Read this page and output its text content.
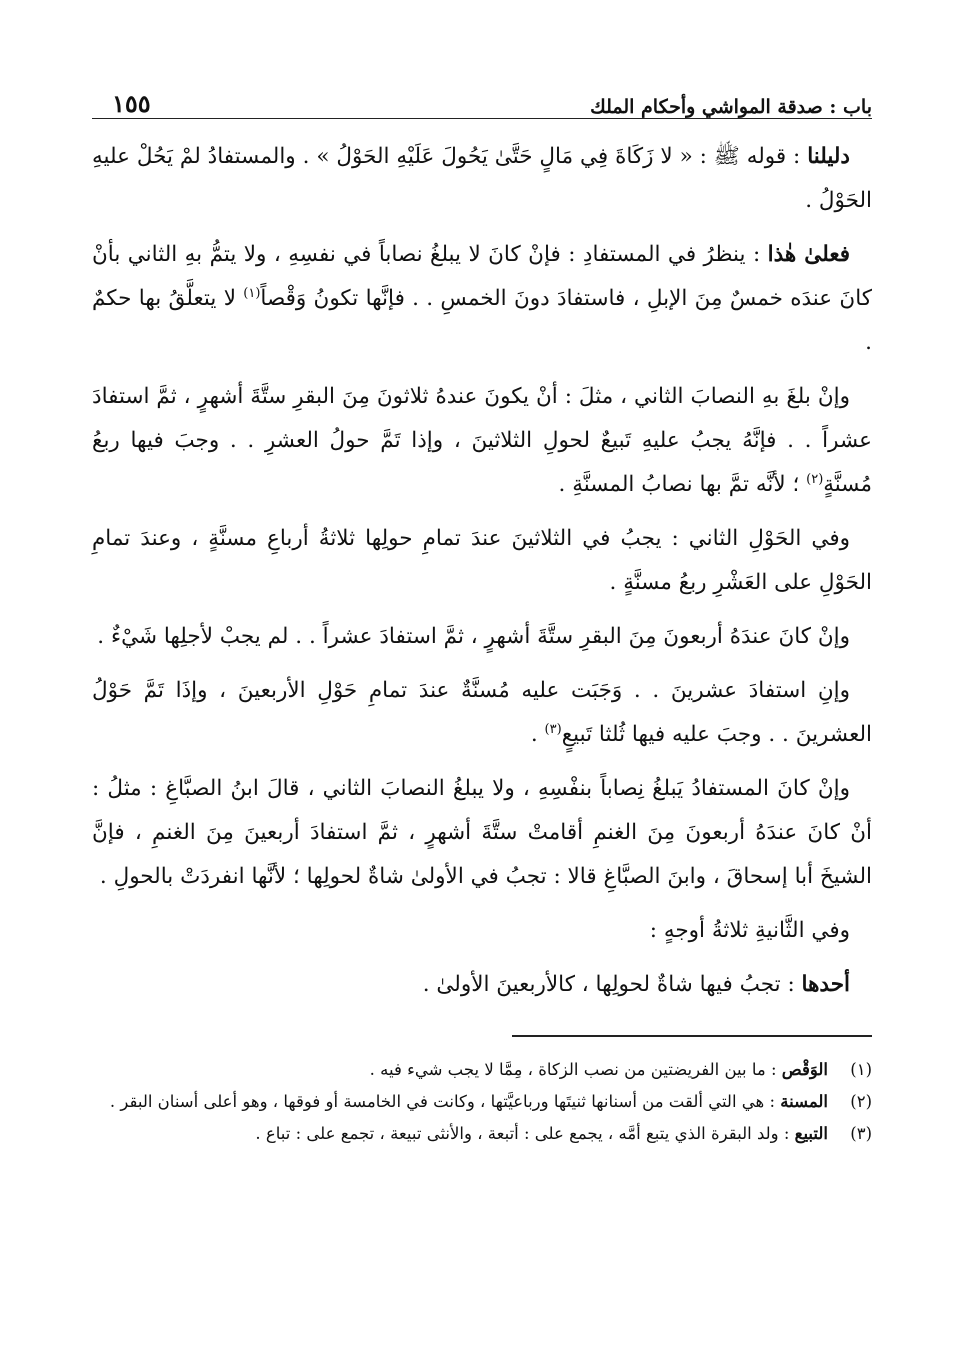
باب : صدقة المواشي وأحكام الملك
١٥٥

دليلنا : قوله ﷺ : « لا زَكَاةَ فِي مَالٍ حَتَّىٰ يَحُولَ عَلَيْهِ الحَوْلُ » . والمستفادُ لمْ يَحُلْ عليهِ الحَوْلُ .

فعلىٰ هٰذا : ينظرُ في المستفادِ : فإنْ كانَ لا يبلغُ نصاباً في نفسِهِ ، ولا يتمُّ بهِ الثاني بأنْ كانَ عندَه خمسٌ مِنَ الإبلِ ، فاستفادَ دونَ الخمسِ . . فإنَّها تكونُ وَقْصاً$^{(١)}$ لا يتعلَّقُ بها حكمٌ .

وإنْ بلغَ بهِ النصابَ الثاني ، مثلَ : أنْ يكونَ عندهُ ثلاثونَ مِنَ البقرِ ستَّةَ أشهرٍ ، ثمَّ استفادَ عشراً . . فإنَّهُ يجبُ عليهِ تَبيعٌ لحولِ الثلاثينَ ، وإذا تَمَّ حولُ العشرِ . . وجبَ فيها ربعُ مُسنَّةٍ$^{(٢)}$ ؛ لأنَّه تمَّ بها نصابُ المسنَّةِ .

وفي الحَوْلِ الثاني : يجبُ في الثلاثينَ عندَ تمامِ حولِها ثلاثةُ أرباعِ مسنَّةٍ ، وعندَ تمامِ الحَوْلِ على العَشْرِ ربعُ مسنَّةٍ .

وإنْ كانَ عندَهُ أربعونَ مِنَ البقرِ ستَّةَ أشهرٍ ، ثمَّ استفادَ عشراً . . لم يجبْ لأجلِها شَيْءٌ .

وإنِ استفادَ عشرينَ . . وَجَبَت عليه مُسنَّةٌ عندَ تمامِ حَوْلِ الأربعينَ ، وإذَا تَمَّ حَوْلُ العشرينَ . . وجبَ عليه فيها ثُلثا تَبيعٍ$^{(٣)}$ .

وإنْ كانَ المستفادُ يَبلغُ نِصاباً بنفْسِهِ ، ولا يبلغُ النصابَ الثاني ، قالَ ابنُ الصبَّاغِ : مثلُ : أنْ كانَ عندَهُ أربعونَ مِنَ الغنمِ أقامتْ ستَّةَ أشهرٍ ، ثمَّ استفادَ أربعينَ مِنَ الغنمِ ، فإنَّ الشيخَ أبا إسحاقَ ، وابنَ الصبَّاغِ قالا : تجبُ في الأولىٰ شاةٌ لحولِها ؛ لأنَّها انفردَتْ بالحولِ .

وفي الثَّانيةِ ثلاثةُ أوجهٍ :

أحدها : تجبُ فيها شاةٌ لحولِها ، كالأربعينَ الأولىٰ .

(١)
الوَقْص : ما بين الفريضتين من نصب الزكاة ، مِمَّا لا يجب شيء فيه .
(٢)
المسنة : هي التي ألقت من أسنانها ثنيتَها ورباعيَّتها ، وكانت في الخامسة أو فوقها ، وهو أعلى أسنان البقر .
(٣)
التبيع : ولد البقرة الذي يتبع أمَّه ، يجمع على : أتبعة ، والأنثى تبيعة ، تجمع على : تباع .
